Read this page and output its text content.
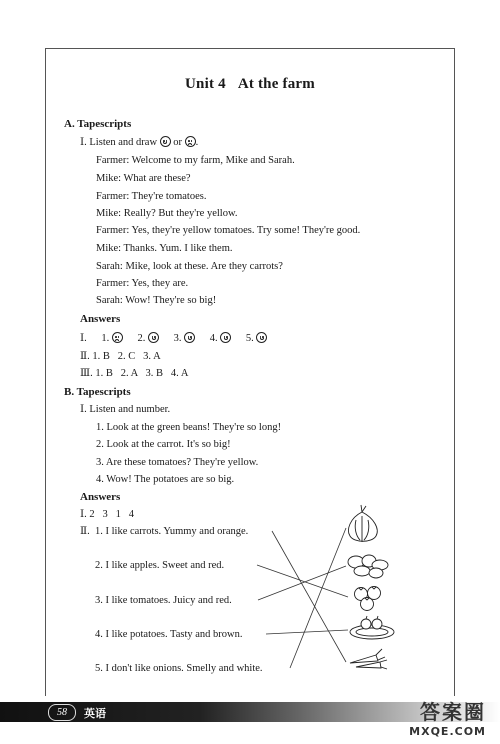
Unit 4 At the farm
A. Tapescripts
Ⅰ. Listen and draw or .
Farmer: Welcome to my farm, Mike and Sarah.
Mike: What are these?
Farmer: They're tomatoes.
Mike: Really? But they're yellow.
Farmer: Yes, they're yellow tomatoes. Try some! They're good.
Mike: Thanks. Yum. I like them.
Sarah: Mike, look at these. Are they carrots?
Farmer: Yes, they are.
Sarah: Wow! They're so big!
Answers
Ⅰ. 1.	2.	3.	4.	5.
Ⅱ. 1. B   2. C   3. A
Ⅲ. 1. B   2. A   3. B   4. A
B. Tapescripts
Ⅰ. Listen and number.
1. Look at the green beans! They're so long!
2. Look at the carrot. It's so big!
3. Are these tomatoes? They're yellow.
4. Wow! The potatoes are so big.
Answers
Ⅰ. 2   3   1   4
Ⅱ. 1. I like carrots. Yummy and orange.
2. I like apples. Sweet and red.
3. I like tomatoes. Juicy and red.
4. I like potatoes. Tasty and brown.
5. I don't like onions. Smelly and white.
58	英语	答案圈
MXQE.COM
